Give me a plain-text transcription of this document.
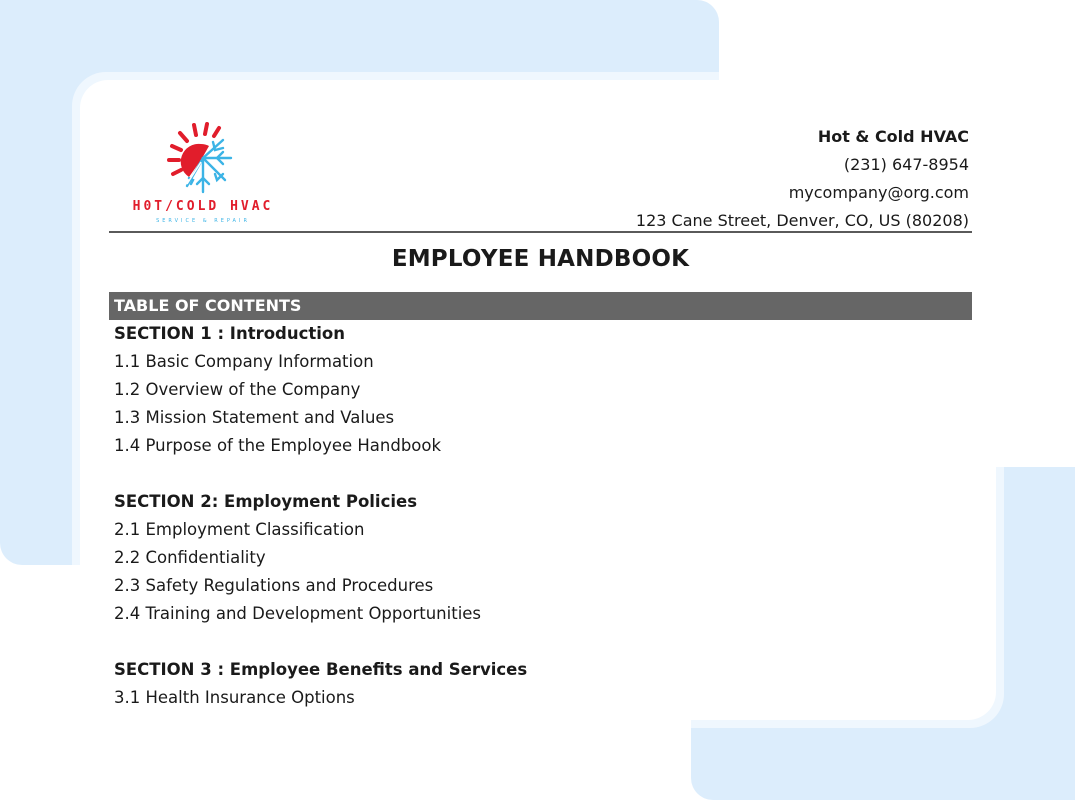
H0T/COLD HVAC
SERVICE & REPAIR
Hot & Cold HVAC
(231) 647-8954
mycompany@org.com
123 Cane Street, Denver, CO, US (80208)
EMPLOYEE HANDBOOK
TABLE OF CONTENTS
SECTION 1 : Introduction
1.1 Basic Company Information
1.2 Overview of the Company
1.3 Mission Statement and Values
1.4 Purpose of the Employee Handbook
SECTION 2: Employment Policies
2.1 Employment Classification
2.2 Confidentiality
2.3 Safety Regulations and Procedures
2.4 Training and Development Opportunities
SECTION 3 : Employee Benefits and Services
3.1 Health Insurance Options
